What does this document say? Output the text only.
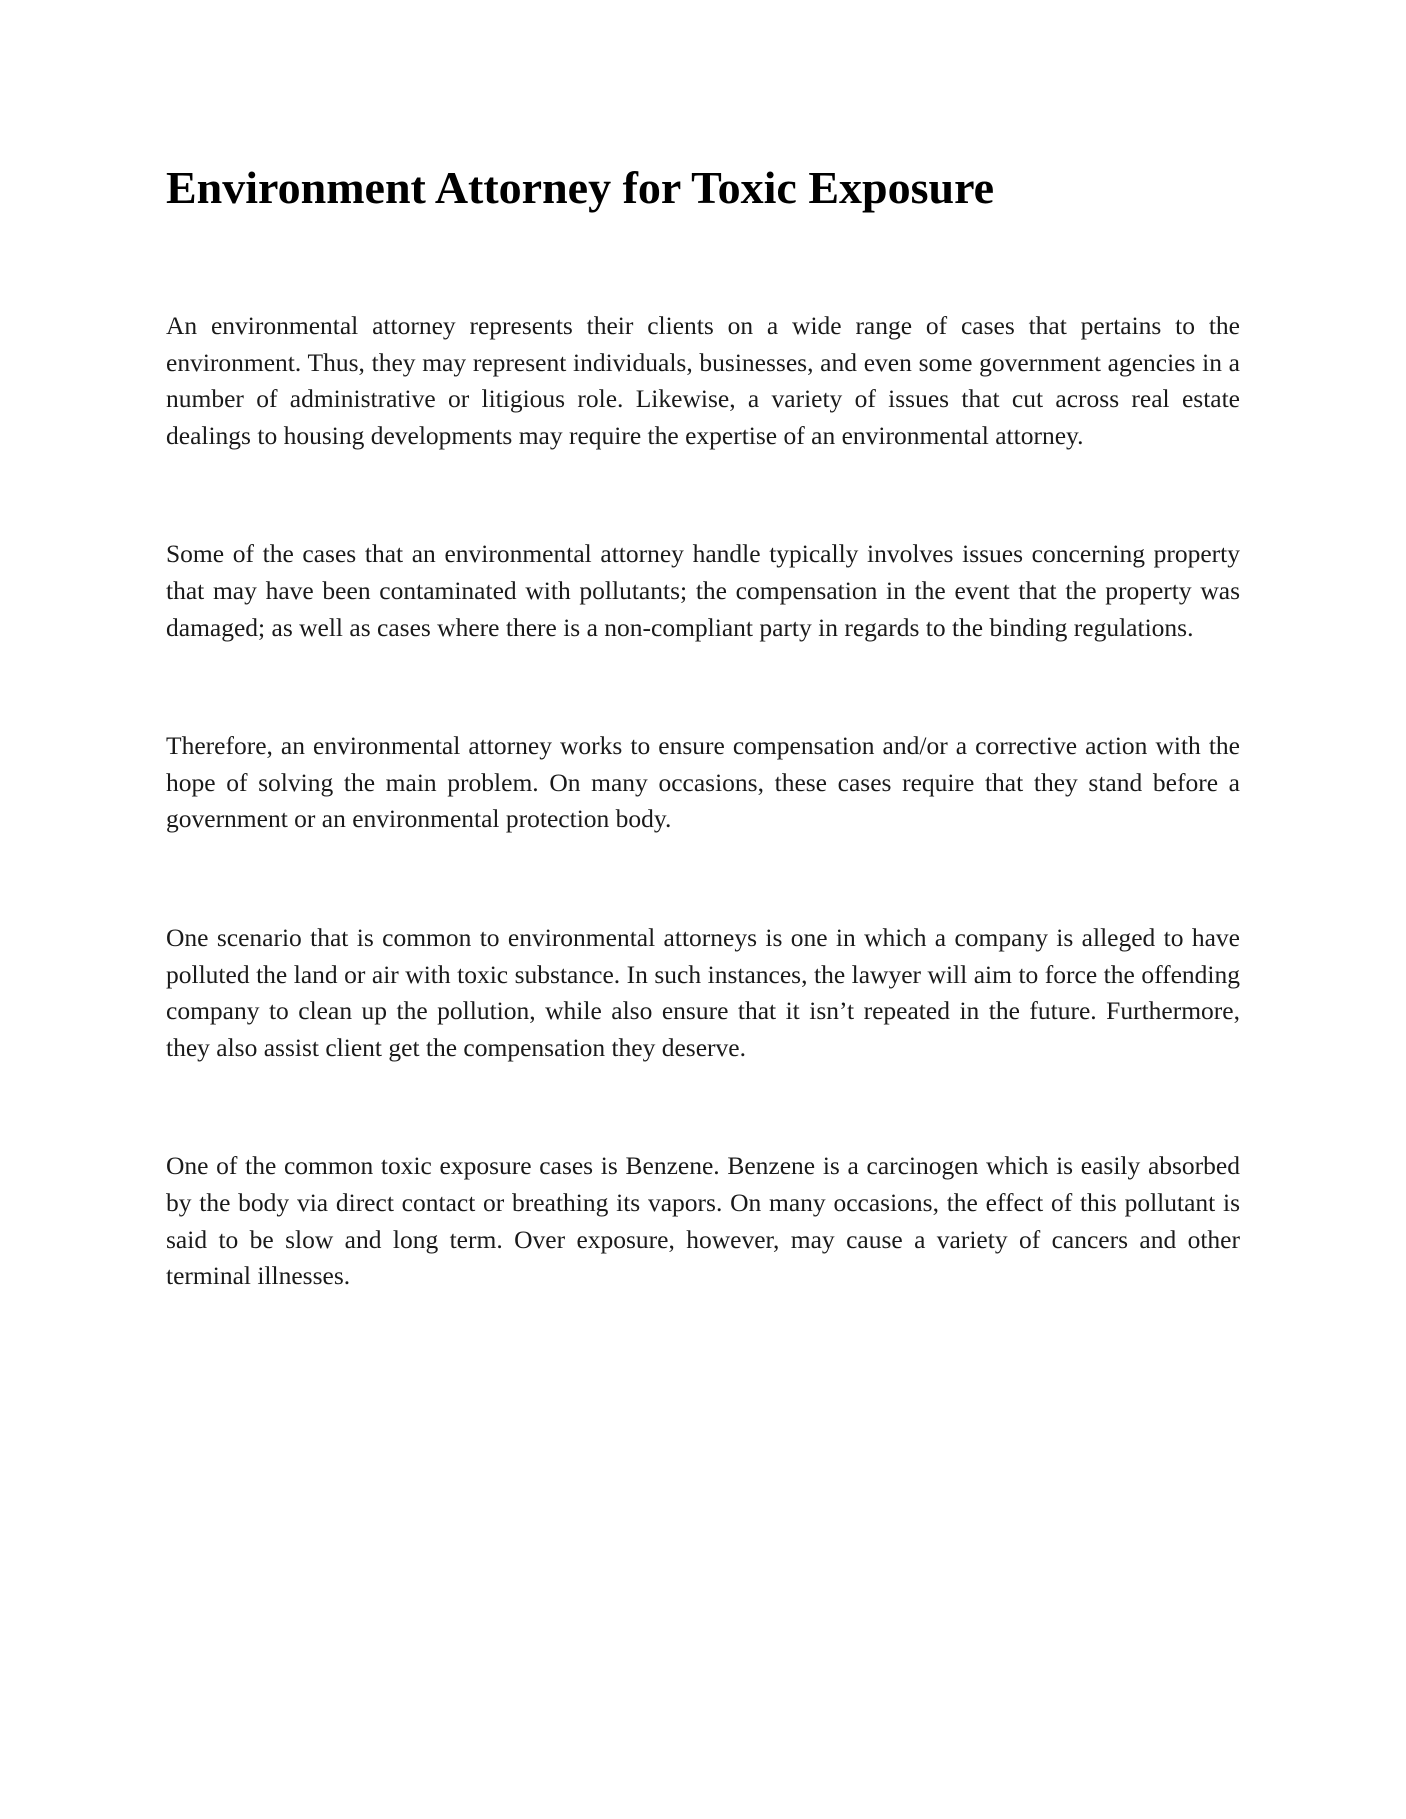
Environment Attorney for Toxic Exposure

An environmental attorney represents their clients on a wide range of cases that pertains to the environment. Thus, they may represent individuals, businesses, and even some government agencies in a number of administrative or litigious role. Likewise, a variety of issues that cut across real estate dealings to housing developments may require the expertise of an environmental attorney.

Some of the cases that an environmental attorney handle typically involves issues concerning property that may have been contaminated with pollutants; the compensation in the event that the property was damaged; as well as cases where there is a non-compliant party in regards to the binding regulations.

Therefore, an environmental attorney works to ensure compensation and/or a corrective action with the hope of solving the main problem. On many occasions, these cases require that they stand before a government or an environmental protection body.

One scenario that is common to environmental attorneys is one in which a company is alleged to have polluted the land or air with toxic substance. In such instances, the lawyer will aim to force the offending company to clean up the pollution, while also ensure that it isn’t repeated in the future. Furthermore, they also assist client get the compensation they deserve.

One of the common toxic exposure cases is Benzene. Benzene is a carcinogen which is easily absorbed by the body via direct contact or breathing its vapors. On many occasions, the effect of this pollutant is said to be slow and long term. Over exposure, however, may cause a variety of cancers and other terminal illnesses.
